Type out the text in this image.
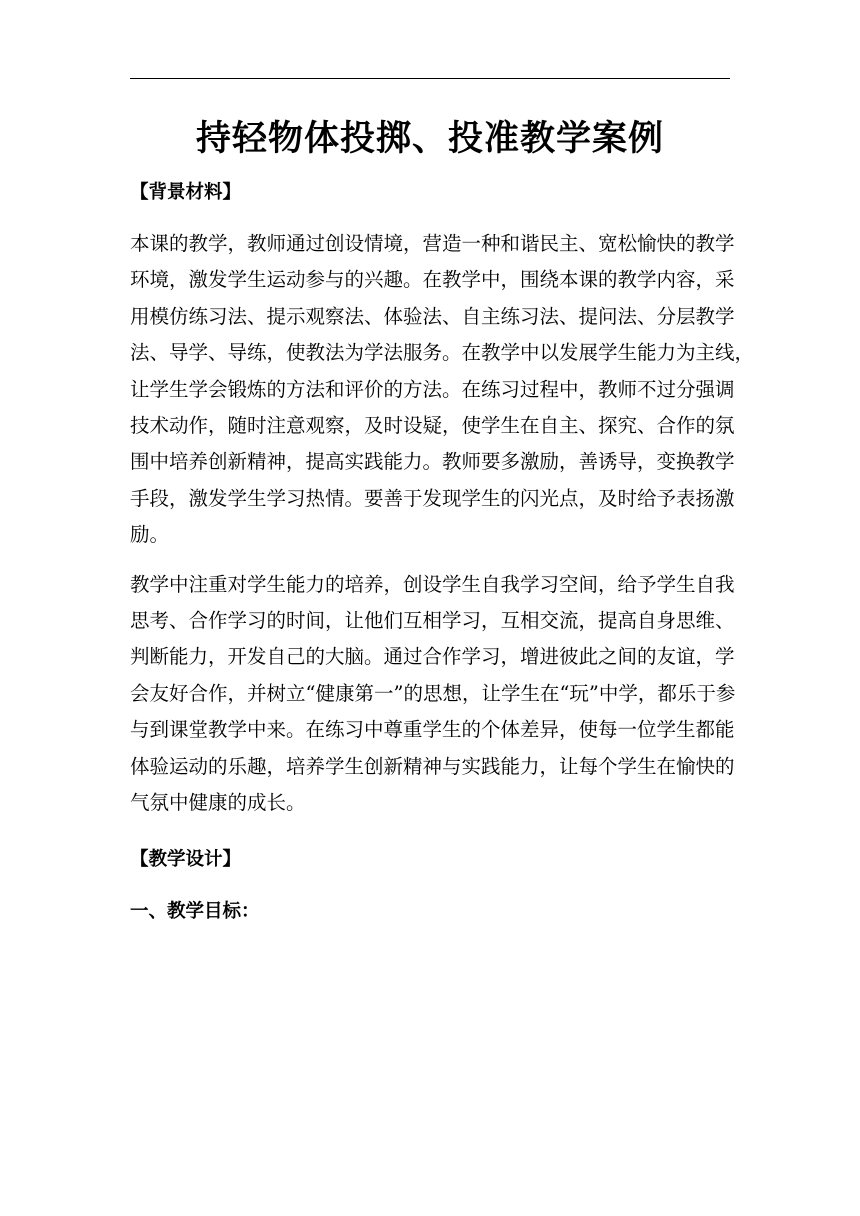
持轻物体投掷、投准教学案例
【背景材料】
本课的教学，教师通过创设情境，营造一种和谐民主、宽松愉快的教学
环境，激发学生运动参与的兴趣。在教学中，围绕本课的教学内容，采
用模仿练习法、提示观察法、体验法、自主练习法、提问法、分层教学
法、导学、导练，使教法为学法服务。在教学中以发展学生能力为主线，
让学生学会锻炼的方法和评价的方法。在练习过程中，教师不过分强调
技术动作，随时注意观察，及时设疑，使学生在自主、探究、合作的氛
围中培养创新精神，提高实践能力。教师要多激励，善诱导，变换教学
手段，激发学生学习热情。要善于发现学生的闪光点，及时给予表扬激
励。
教学中注重对学生能力的培养，创设学生自我学习空间，给予学生自我
思考、合作学习的时间，让他们互相学习，互相交流，提高自身思维、
判断能力，开发自己的大脑。通过合作学习，增进彼此之间的友谊，学
会友好合作，并树立“健康第一”的思想，让学生在“玩”中学，都乐于参
与到课堂教学中来。在练习中尊重学生的个体差异，使每一位学生都能
体验运动的乐趣，培养学生创新精神与实践能力，让每个学生在愉快的
气氛中健康的成长。
【教学设计】
一、教学目标：
